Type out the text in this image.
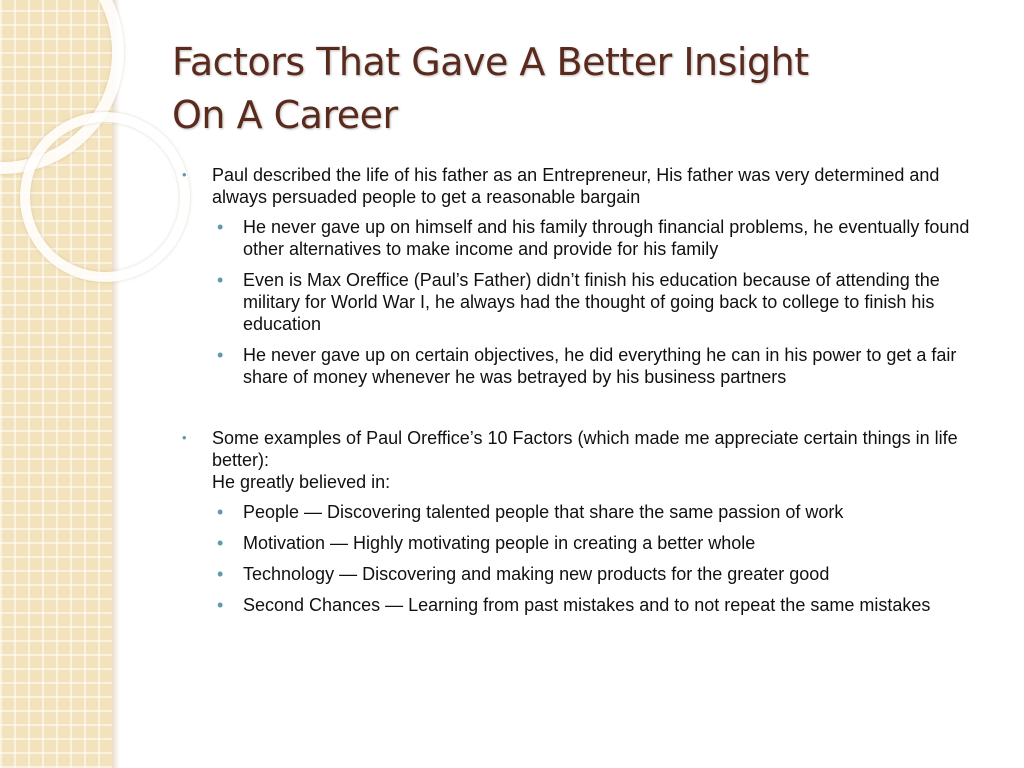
Factors That Gave A Better Insight
On A Career
• Paul described the life of his father as an Entrepreneur, His father was very determined and always persuaded people to get a reasonable bargain
• He never gave up on himself and his family through financial problems, he eventually found other alternatives to make income and provide for his family
• Even is Max Oreffice (Paul’s Father) didn’t finish his education because of attending the military for World War I, he always had the thought of going back to college to finish his education
• He never gave up on certain objectives, he did everything he can in his power to get a fair share of money whenever he was betrayed by his business partners
• Some examples of Paul Oreffice’s 10 Factors (which made me appreciate certain things in life better):
He greatly believed in:
• People — Discovering talented people that share the same passion of work
• Motivation — Highly motivating people in creating a better whole
• Technology — Discovering and making new products for the greater good
• Second Chances — Learning from past mistakes and to not repeat the same mistakes
